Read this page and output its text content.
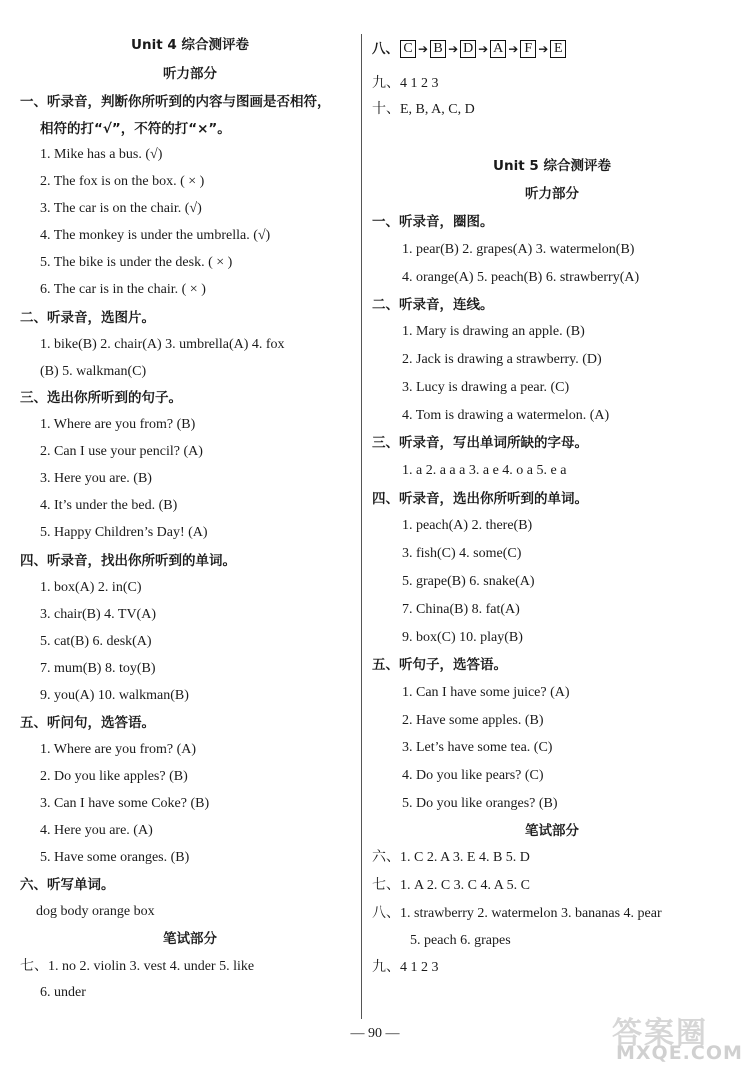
Unit 4 综合测评卷
听力部分
一、听录音，判断你所听到的内容与图画是否相符，
相符的打“√”，不符的打“×”。
1. Mike has a bus. (√)
2. The fox is on the box. ( × )
3. The car is on the chair. (√)
4. The monkey is under the umbrella. (√)
5. The bike is under the desk. ( × )
6. The car is in the chair. ( × )
二、听录音，选图片。
1. bike(B) 2. chair(A) 3. umbrella(A) 4. fox
(B) 5. walkman(C)
三、选出你所听到的句子。
1. Where are you from? (B)
2. Can I use your pencil? (A)
3. Here you are. (B)
4. It’s under the bed. (B)
5. Happy Children’s Day! (A)
四、听录音，找出你所听到的单词。
1. box(A) 2. in(C)
3. chair(B) 4. TV(A)
5. cat(B) 6. desk(A)
7. mum(B) 8. toy(B)
9. you(A) 10. walkman(B)
五、听问句，选答语。
1. Where are you from? (A)
2. Do you like apples? (B)
3. Can I have some Coke? (B)
4. Here you are. (A)
5. Have some oranges. (B)
六、听写单词。
dog body orange box
笔试部分
七、1. no 2. violin 3. vest 4. under 5. like
6. under
八、 C ➔ B ➔ D ➔ A ➔ F ➔ E
九、4 1 2 3
十、E, B, A, C, D
Unit 5 综合测评卷
听力部分
一、听录音，圈图。
1. pear(B) 2. grapes(A) 3. watermelon(B)
4. orange(A) 5. peach(B) 6. strawberry(A)
二、听录音，连线。
1. Mary is drawing an apple. (B)
2. Jack is drawing a strawberry. (D)
3. Lucy is drawing a pear. (C)
4. Tom is drawing a watermelon. (A)
三、听录音，写出单词所缺的字母。
1. a 2. a a a 3. a e 4. o a 5. e a
四、听录音，选出你所听到的单词。
1. peach(A) 2. there(B)
3. fish(C) 4. some(C)
5. grape(B) 6. snake(A)
7. China(B) 8. fat(A)
9. box(C) 10. play(B)
五、听句子，选答语。
1. Can I have some juice? (A)
2. Have some apples. (B)
3. Let’s have some tea. (C)
4. Do you like pears? (C)
5. Do you like oranges? (B)
笔试部分
六、1. C 2. A 3. E 4. B 5. D
七、1. A 2. C 3. C 4. A 5. C
八、1. strawberry 2. watermelon 3. bananas 4. pear
5. peach 6. grapes
九、4 1 2 3
— 90 —	答案圈
MXQE.COM
